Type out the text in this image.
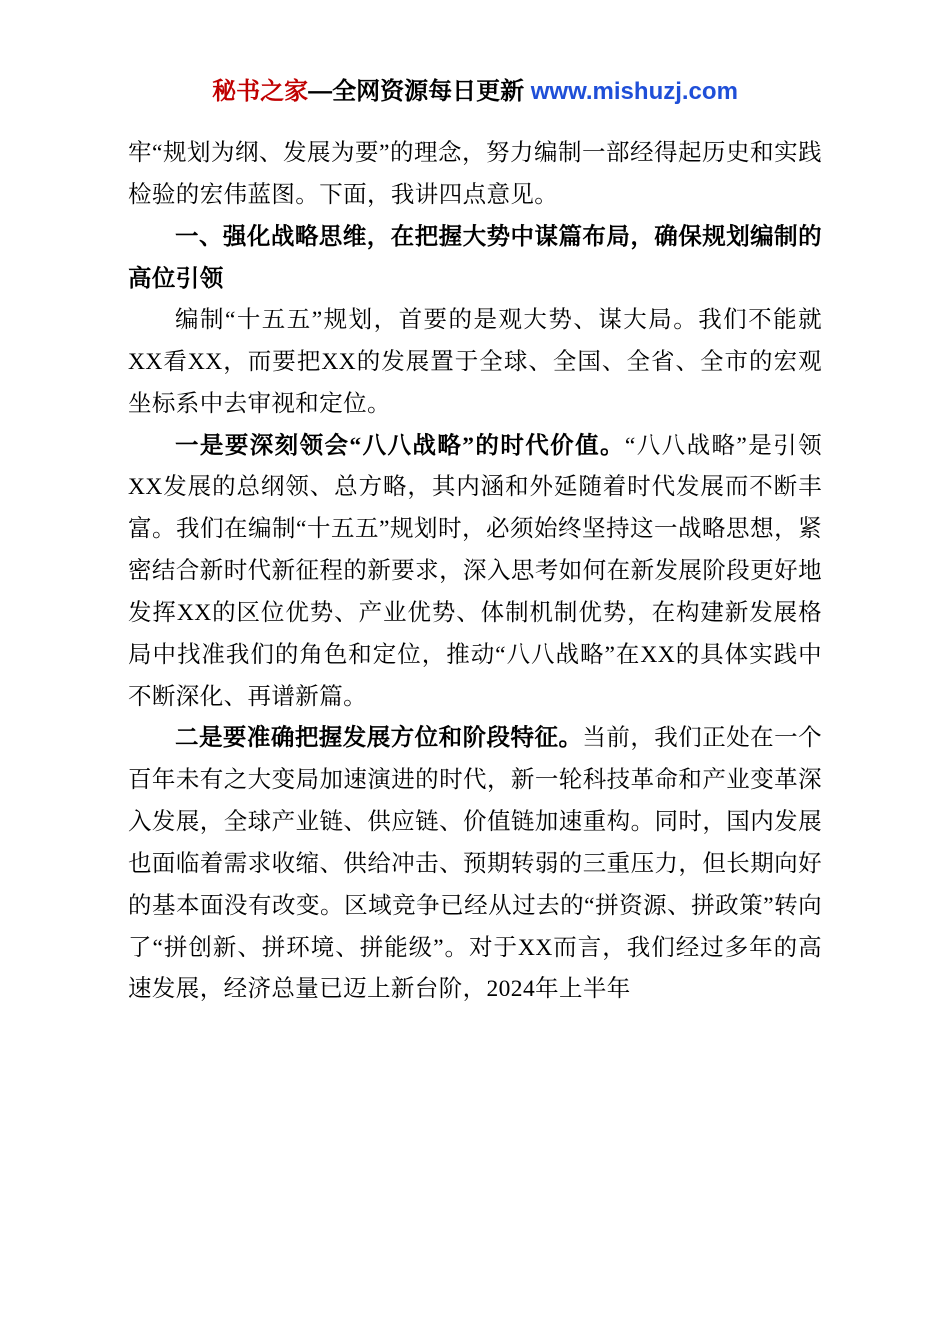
秘书之家—全网资源每日更新 www.mishuzj.com

牢“规划为纲、发展为要”的理念，努力编制一部经得起历史和实践检验的宏伟蓝图。下面，我讲四点意见。

一、强化战略思维，在把握大势中谋篇布局，确保规划编制的高位引领

编制“十五五”规划，首要的是观大势、谋大局。我们不能就XX看XX，而要把XX的发展置于全球、全国、全省、全市的宏观坐标系中去审视和定位。

一是要深刻领会“八八战略”的时代价值。“八八战略”是引领XX发展的总纲领、总方略，其内涵和外延随着时代发展而不断丰富。我们在编制“十五五”规划时，必须始终坚持这一战略思想，紧密结合新时代新征程的新要求，深入思考如何在新发展阶段更好地发挥XX的区位优势、产业优势、体制机制优势，在构建新发展格局中找准我们的角色和定位，推动“八八战略”在XX的具体实践中不断深化、再谱新篇。

二是要准确把握发展方位和阶段特征。当前，我们正处在一个百年未有之大变局加速演进的时代，新一轮科技革命和产业变革深入发展，全球产业链、供应链、价值链加速重构。同时，国内发展也面临着需求收缩、供给冲击、预期转弱的三重压力，但长期向好的基本面没有改变。区域竞争已经从过去的“拼资源、拼政策”转向了“拼创新、拼环境、拼能级”。对于XX而言，我们经过多年的高速发展，经济总量已迈上新台阶，2024年上半年
